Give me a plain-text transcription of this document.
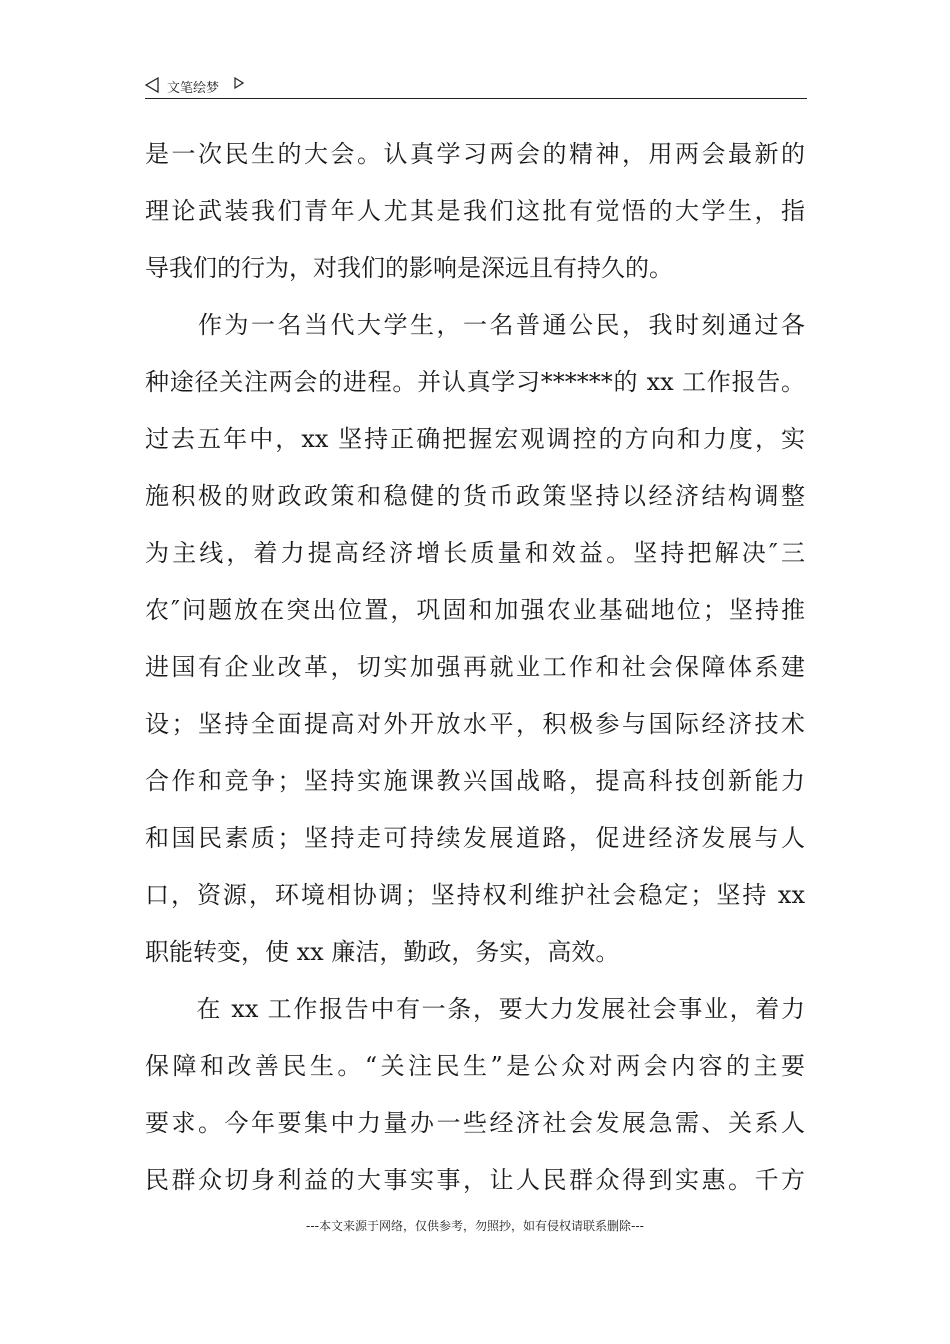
文笔绘梦
是一次民生的大会。认真学习两会的精神，用两会最新的
理论武装我们青年人尤其是我们这批有觉悟的大学生，指
导我们的行为，对我们的影响是深远且有持久的。
　　作为一名当代大学生，一名普通公民，我时刻通过各
种途径关注两会的进程。并认真学习******的 xx 工作报告。
过去五年中，xx 坚持正确把握宏观调控的方向和力度，实
施积极的财政政策和稳健的货币政策坚持以经济结构调整
为主线，着力提高经济增长质量和效益。坚持把解决″三
农″问题放在突出位置，巩固和加强农业基础地位；坚持推
进国有企业改革，切实加强再就业工作和社会保障体系建
设；坚持全面提高对外开放水平，积极参与国际经济技术
合作和竞争；坚持实施课教兴国战略，提高科技创新能力
和国民素质；坚持走可持续发展道路，促进经济发展与人
口，资源，环境相协调；坚持权利维护社会稳定；坚持 xx
职能转变，使 xx 廉洁，勤政，务实，高效。
　　在 xx 工作报告中有一条，要大力发展社会事业，着力
保障和改善民生。“关注民生”是公众对两会内容的主要
要求。今年要集中力量办一些经济社会发展急需、关系人
民群众切身利益的大事实事，让人民群众得到实惠。千方
---本文来源于网络，仅供参考，勿照抄，如有侵权请联系删除---
